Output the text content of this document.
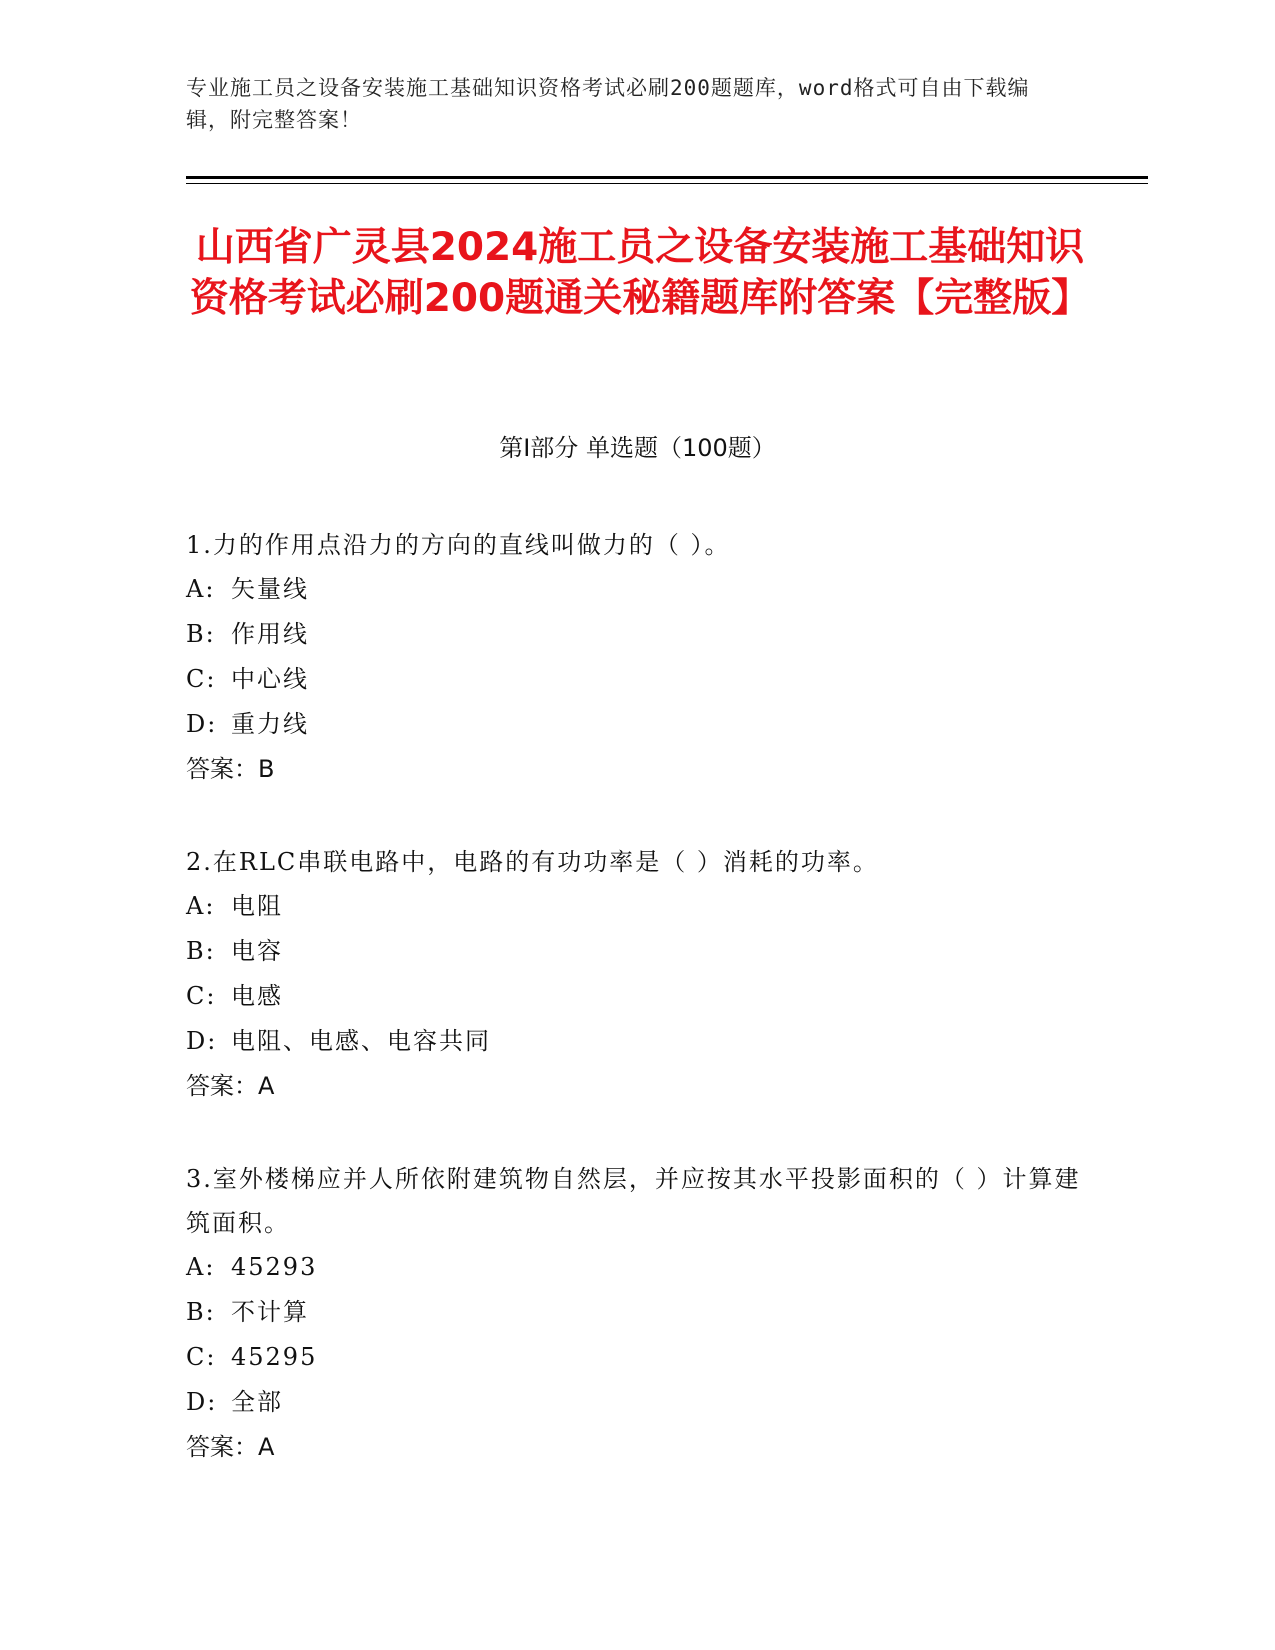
专业施工员之设备安装施工基础知识资格考试必刷200题题库，word格式可自由下载编辑，附完整答案！
山西省广灵县2024施工员之设备安装施工基础知识资格考试必刷200题通关秘籍题库附答案【完整版】
第Ⅰ部分 单选题（100题）
1.力的作用点沿力的方向的直线叫做力的（ ）。
A: 矢量线
B: 作用线
C: 中心线
D: 重力线
答案：B
2.在RLC串联电路中，电路的有功功率是（ ）消耗的功率。
A: 电阻
B: 电容
C: 电感
D: 电阻、电感、电容共同
答案：A
3.室外楼梯应并人所依附建筑物自然层，并应按其水平投影面积的（ ）计算建筑面积。
A: 45293
B: 不计算
C: 45295
D: 全部
答案：A
